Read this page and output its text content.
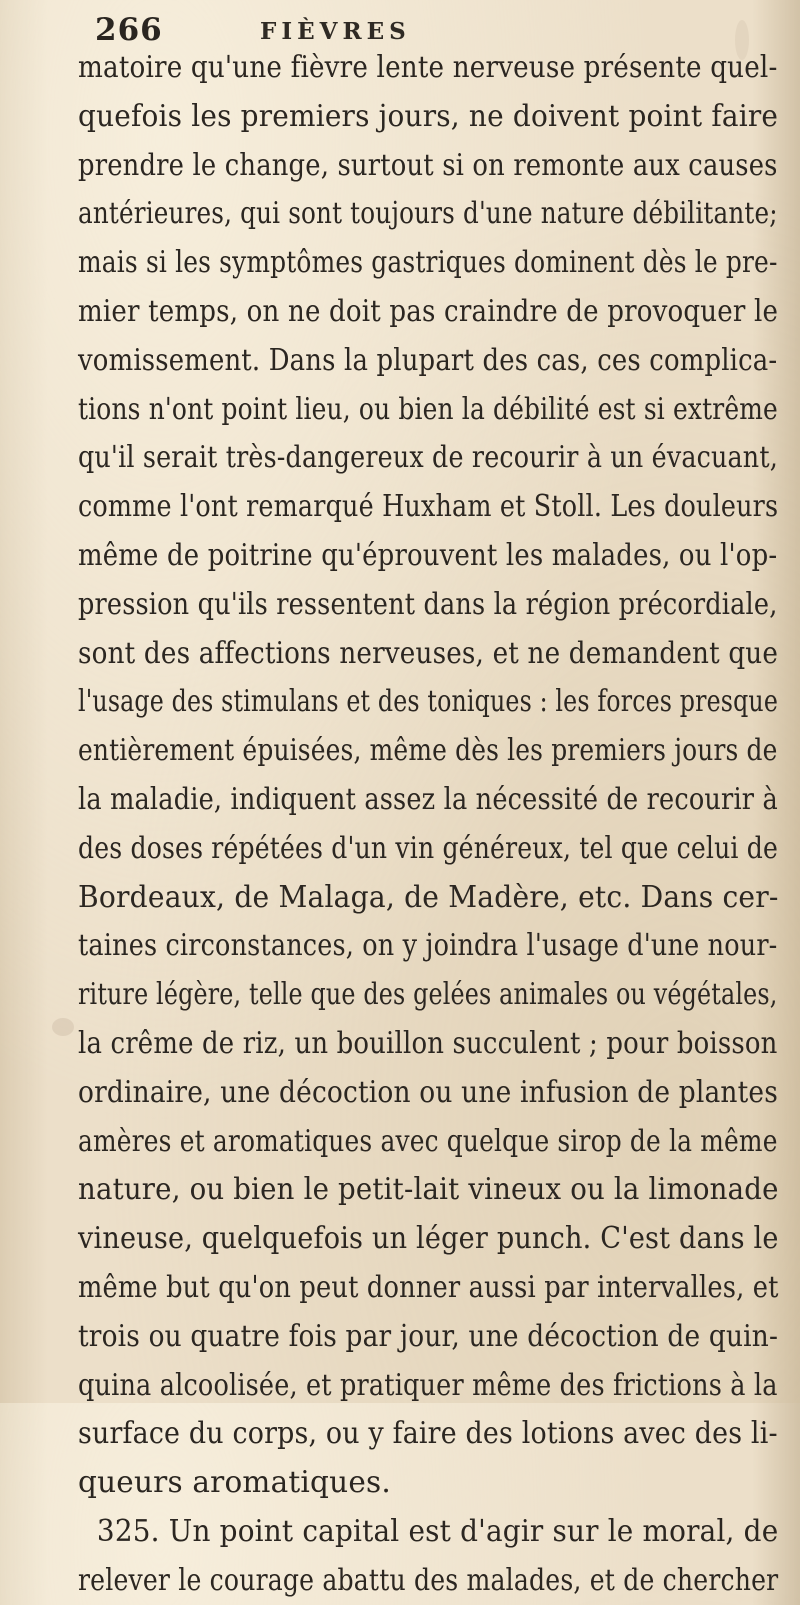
266	FIÈVRES
matoire qu'une fièvre lente nerveuse présente quel-
quefois les premiers jours, ne doivent point faire
prendre le change, surtout si on remonte aux causes
antérieures, qui sont toujours d'une nature débilitante;
mais si les symptômes gastriques dominent dès le pre-
mier temps, on ne doit pas craindre de provoquer le
vomissement. Dans la plupart des cas, ces complica-
tions n'ont point lieu, ou bien la débilité est si extrême
qu'il serait très-dangereux de recourir à un évacuant,
comme l'ont remarqué Huxham et Stoll. Les douleurs
même de poitrine qu'éprouvent les malades, ou l'op-
pression qu'ils ressentent dans la région précordiale,
sont des affections nerveuses, et ne demandent que
l'usage des stimulans et des toniques : les forces presque
entièrement épuisées, même dès les premiers jours de
la maladie, indiquent assez la nécessité de recourir à
des doses répétées d'un vin généreux, tel que celui de
Bordeaux, de Malaga, de Madère, etc. Dans cer-
taines circonstances, on y joindra l'usage d'une nour-
riture légère, telle que des gelées animales ou végétales,
la crême de riz, un bouillon succulent ; pour boisson
ordinaire, une décoction ou une infusion de plantes
amères et aromatiques avec quelque sirop de la même
nature, ou bien le petit-lait vineux ou la limonade
vineuse, quelquefois un léger punch. C'est dans le
même but qu'on peut donner aussi par intervalles, et
trois ou quatre fois par jour, une décoction de quin-
quina alcoolisée, et pratiquer même des frictions à la
surface du corps, ou y faire des lotions avec des li-
queurs aromatiques.
325. Un point capital est d'agir sur le moral, de
relever le courage abattu des malades, et de chercher
